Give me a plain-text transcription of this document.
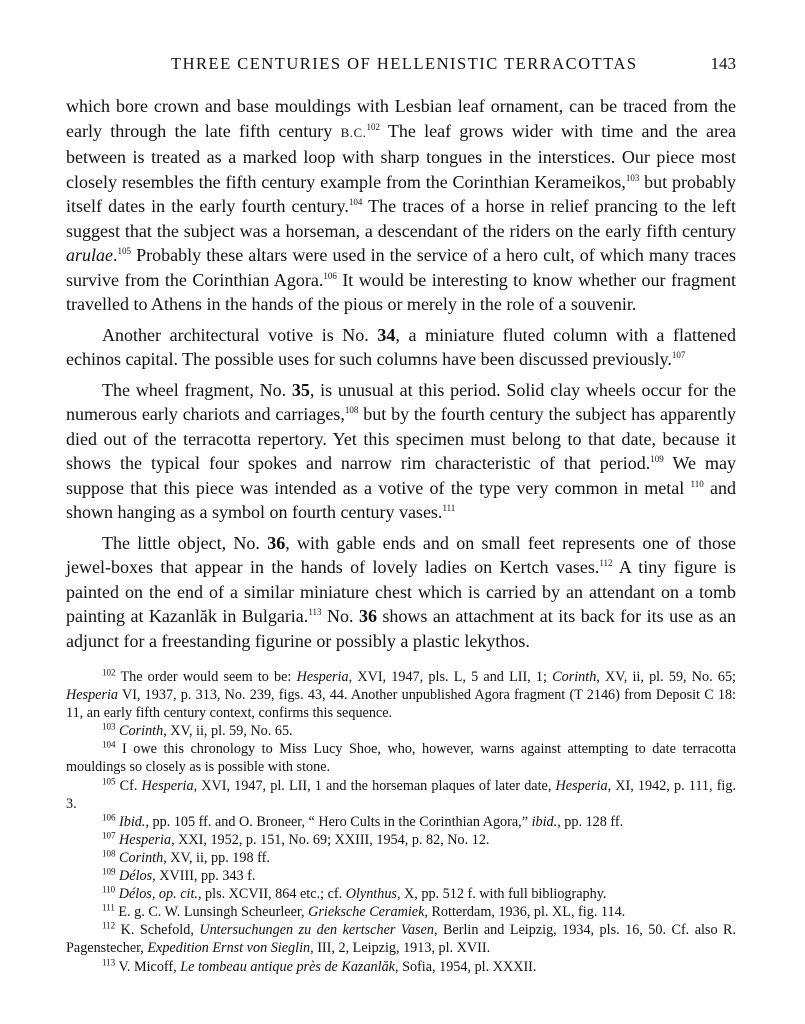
THREE CENTURIES OF HELLENISTIC TERRACOTTAS	143

which bore crown and base mouldings with Lesbian leaf ornament, can be traced from the early through the late fifth century B.C.$^{102}$ The leaf grows wider with time and the area between is treated as a marked loop with sharp tongues in the interstices. Our piece most closely resembles the fifth century example from the Corinthian Kerameikos,$^{103}$ but probably itself dates in the early fourth century.$^{104}$ The traces of a horse in relief prancing to the left suggest that the subject was a horseman, a descendant of the riders on the early fifth century arulae.$^{105}$ Probably these altars were used in the service of a hero cult, of which many traces survive from the Corinthian Agora.$^{106}$ It would be interesting to know whether our fragment travelled to Athens in the hands of the pious or merely in the role of a souvenir.

Another architectural votive is No. 34, a miniature fluted column with a flattened echinos capital. The possible uses for such columns have been discussed previously.$^{107}$

The wheel fragment, No. 35, is unusual at this period. Solid clay wheels occur for the numerous early chariots and carriages,$^{108}$ but by the fourth century the subject has apparently died out of the terracotta repertory. Yet this specimen must belong to that date, because it shows the typical four spokes and narrow rim characteristic of that period.$^{109}$ We may suppose that this piece was intended as a votive of the type very common in metal $^{110}$ and shown hanging as a symbol on fourth century vases.$^{111}$

The little object, No. 36, with gable ends and on small feet represents one of those jewel-boxes that appear in the hands of lovely ladies on Kertch vases.$^{112}$ A tiny figure is painted on the end of a similar miniature chest which is carried by an attendant on a tomb painting at Kazanlăk in Bulgaria.$^{113}$ No. 36 shows an attachment at its back for its use as an adjunct for a freestanding figurine or possibly a plastic lekythos.

$^{102}$ The order would seem to be: Hesperia, XVI, 1947, pls. L, 5 and LII, 1; Corinth, XV, ii, pl. 59, No. 65; Hesperia VI, 1937, p. 313, No. 239, figs. 43, 44. Another unpublished Agora fragment (T 2146) from Deposit C 18: 11, an early fifth century context, confirms this sequence.

$^{103}$ Corinth, XV, ii, pl. 59, No. 65.

$^{104}$ I owe this chronology to Miss Lucy Shoe, who, however, warns against attempting to date terracotta mouldings so closely as is possible with stone.

$^{105}$ Cf. Hesperia, XVI, 1947, pl. LII, 1 and the horseman plaques of later date, Hesperia, XI, 1942, p. 111, fig. 3.

$^{106}$ Ibid., pp. 105 ff. and O. Broneer, “ Hero Cults in the Corinthian Agora,” ibid., pp. 128 ff.

$^{107}$ Hesperia, XXI, 1952, p. 151, No. 69; XXIII, 1954, p. 82, No. 12.

$^{108}$ Corinth, XV, ii, pp. 198 ff.

$^{109}$ Délos, XVIII, pp. 343 f.

$^{110}$ Délos, op. cit., pls. XCVII, 864 etc.; cf. Olynthus, X, pp. 512 f. with full bibliography.

$^{111}$ E. g. C. W. Lunsingh Scheurleer, Grieksche Ceramiek, Rotterdam, 1936, pl. XL, fig. 114.

$^{112}$ K. Schefold, Untersuchungen zu den kertscher Vasen, Berlin and Leipzig, 1934, pls. 16, 50. Cf. also R. Pagenstecher, Expedition Ernst von Sieglin, III, 2, Leipzig, 1913, pl. XVII.

$^{113}$ V. Micoff, Le tombeau antique près de Kazanlăk, Sofia, 1954, pl. XXXII.
